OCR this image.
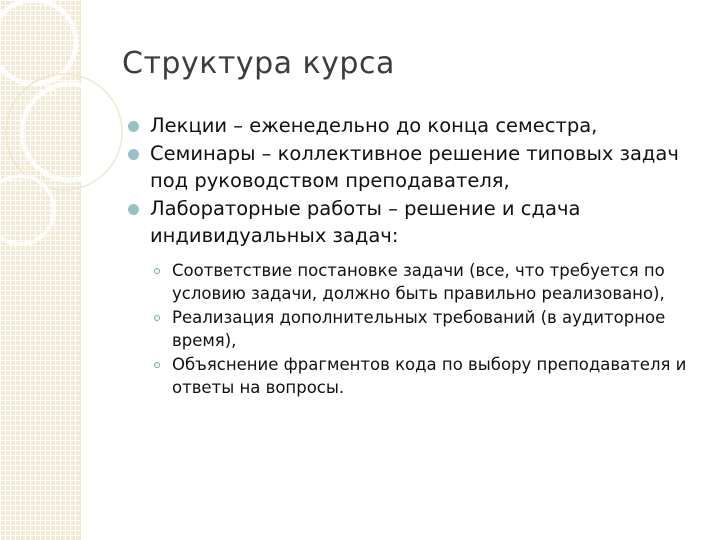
Структура курса
Лекции – еженедельно до конца семестра,
Семинары – коллективное решение типовых задач под руководством преподавателя,
Лабораторные работы – решение и сдача индивидуальных задач:
Соответствие постановке задачи (все, что требуется по условию задачи, должно быть правильно реализовано),
Реализация дополнительных требований (в аудиторное время),
Объяснение фрагментов кода по выбору преподавателя и ответы на вопросы.
